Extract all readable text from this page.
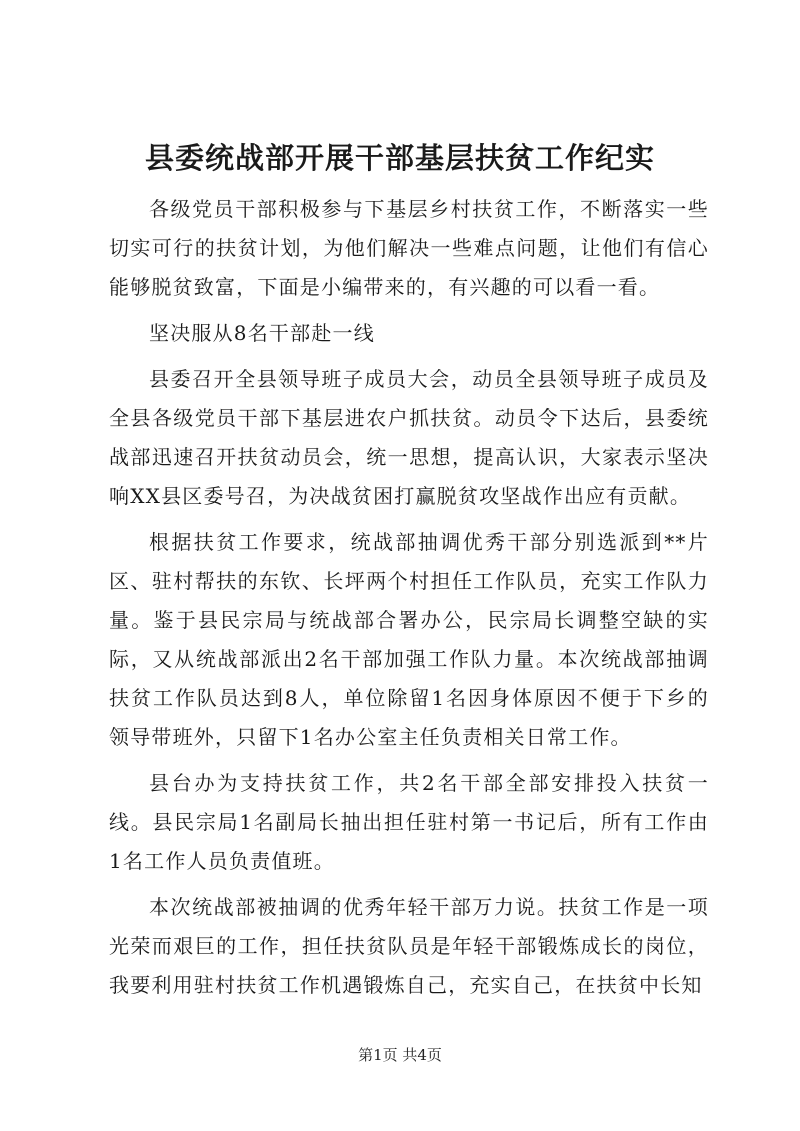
县委统战部开展干部基层扶贫工作纪实

各级党员干部积极参与下基层乡村扶贫工作，不断落实一些切实可行的扶贫计划，为他们解决一些难点问题，让他们有信心能够脱贫致富，下面是小编带来的，有兴趣的可以看一看。

坚决服从8名干部赴一线

县委召开全县领导班子成员大会，动员全县领导班子成员及全县各级党员干部下基层进农户抓扶贫。动员令下达后，县委统战部迅速召开扶贫动员会，统一思想，提高认识，大家表示坚决响XX县区委号召，为决战贫困打赢脱贫攻坚战作出应有贡献。

根据扶贫工作要求，统战部抽调优秀干部分别选派到**片区、驻村帮扶的东钦、长坪两个村担任工作队员，充实工作队力量。鉴于县民宗局与统战部合署办公，民宗局长调整空缺的实际，又从统战部派出2名干部加强工作队力量。本次统战部抽调扶贫工作队员达到8人，单位除留1名因身体原因不便于下乡的领导带班外，只留下1名办公室主任负责相关日常工作。

县台办为支持扶贫工作，共2名干部全部安排投入扶贫一线。县民宗局1名副局长抽出担任驻村第一书记后，所有工作由1名工作人员负责值班。

本次统战部被抽调的优秀年轻干部万力说。扶贫工作是一项光荣而艰巨的工作，担任扶贫队员是年轻干部锻炼成长的岗位，我要利用驻村扶贫工作机遇锻炼自己，充实自己，在扶贫中长知

第1页 共4页
